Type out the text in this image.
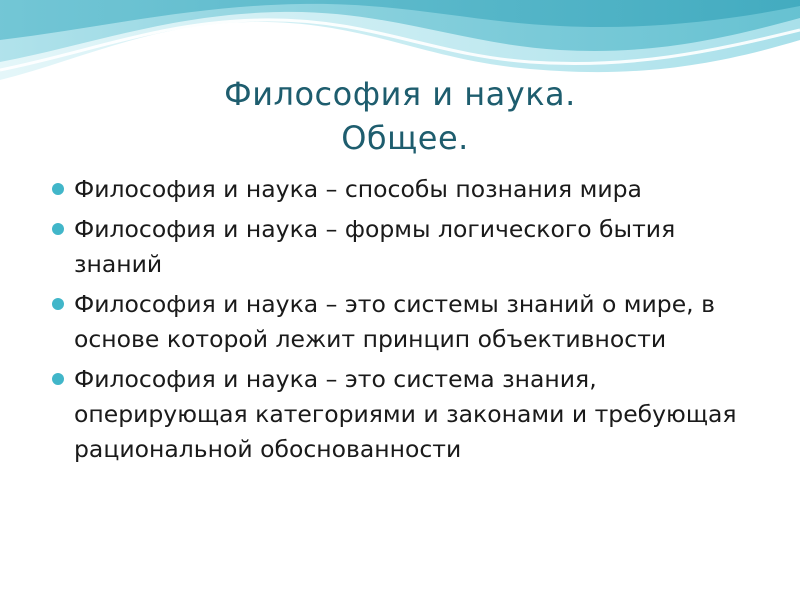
Философия и наука.
Общее.
Философия и наука – способы познания мира
Философия и наука – формы логического бытия знаний
Философия и наука – это системы знаний о мире, в основе которой лежит принцип объективности
Философия и наука – это система знания, оперирующая категориями и законами и требующая рациональной обоснованности
